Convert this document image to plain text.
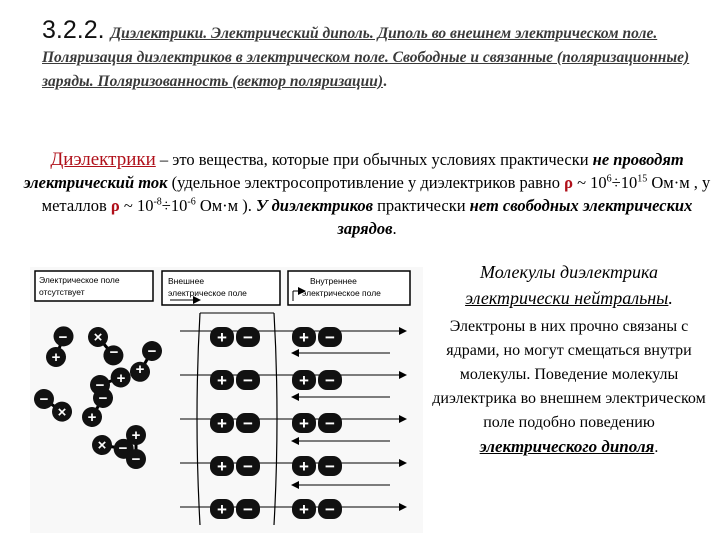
3.2.2. Диэлектрики. Электрический диполь. Диполь во внешнем электрическом поле. Поляризация диэлектриков в электрическом поле. Свободные и связанные (поляризационные) заряды. Поляризованность (вектор поляризации).
Диэлектрики – это вещества, которые при обычных условиях практически не проводят электрический ток (удельное электросопротивление у диэлектриков равно ρ ~ $10^6\div 10^{15}$ Ом·м , у металлов ρ ~ $10^{-8}\div 10^{-6}$ Ом·м ). У диэлектриков практически нет свободных электрических зарядов.
Электрическое поле
отсутствует
Внешнее
электрическое поле
Внутреннее
электрическое поле
+
− ×
− −
+
− +
−
× +
−
× −
+
−
+ −	+ −
+ −	+ −
+ −	+ −
+ −	+ −
+ −	+ −
Молекулы диэлектрика
электрически нейтральны.
Электроны в них прочно связаны с ядрами, но могут смещаться внутри молекулы. Поведение молекулы диэлектрика во внешнем электрическом поле подобно поведению электрического диполя.
